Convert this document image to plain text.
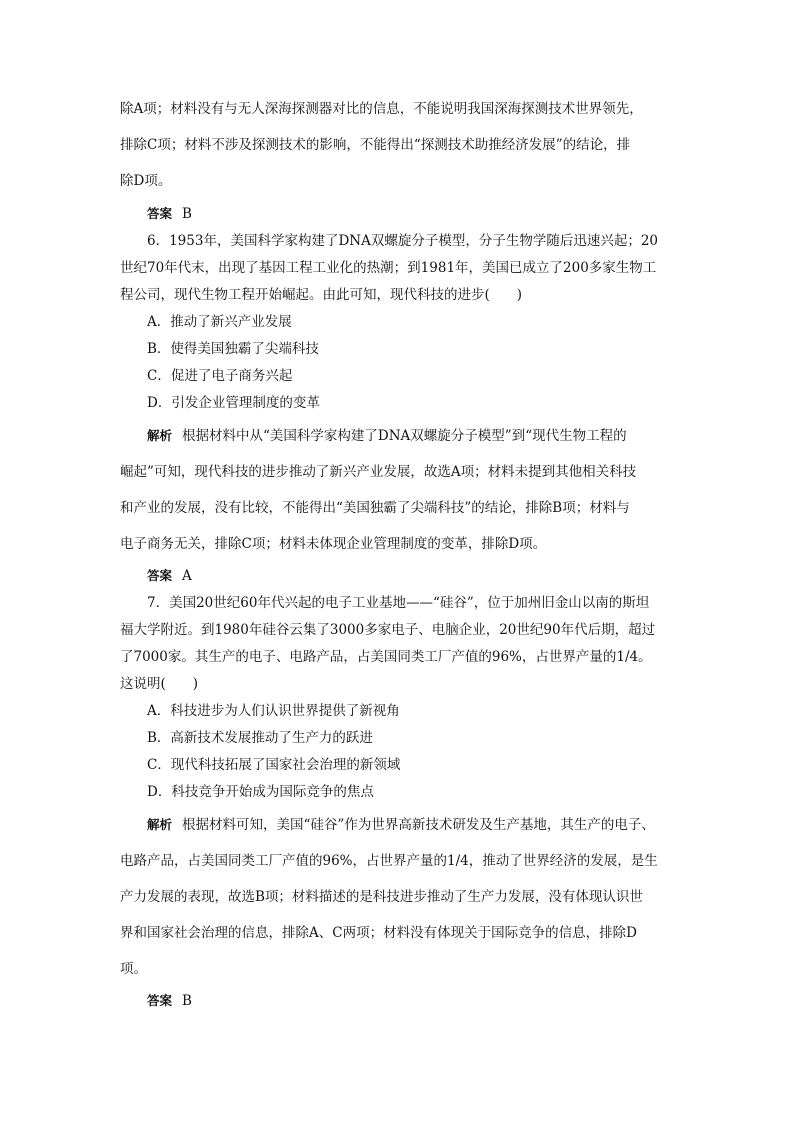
除A项；材料没有与无人深海探测器对比的信息，不能说明我国深海探测技术世界领先，
排除C项；材料不涉及探测技术的影响，不能得出“探测技术助推经济发展”的结论，排
除D项。
答案 B
6．1953年，美国科学家构建了DNA双螺旋分子模型，分子生物学随后迅速兴起；20
世纪70年代末，出现了基因工程工业化的热潮；到1981年，美国已成立了200多家生物工
程公司，现代生物工程开始崛起。由此可知，现代科技的进步(　　)
A．推动了新兴产业发展
B．使得美国独霸了尖端科技
C．促进了电子商务兴起
D．引发企业管理制度的变革
解析 根据材料中从“美国科学家构建了DNA双螺旋分子模型”到“现代生物工程的
崛起”可知，现代科技的进步推动了新兴产业发展，故选A项；材料未提到其他相关科技
和产业的发展，没有比较，不能得出“美国独霸了尖端科技”的结论，排除B项；材料与
电子商务无关，排除C项；材料未体现企业管理制度的变革，排除D项。
答案 A
7．美国20世纪60年代兴起的电子工业基地——“硅谷”，位于加州旧金山以南的斯坦
福大学附近。到1980年硅谷云集了3000多家电子、电脑企业，20世纪90年代后期，超过
了7000家。其生产的电子、电路产品，占美国同类工厂产值的96%，占世界产量的1/4。
这说明(　　)
A．科技进步为人们认识世界提供了新视角
B．高新技术发展推动了生产力的跃进
C．现代科技拓展了国家社会治理的新领域
D．科技竞争开始成为国际竞争的焦点
解析 根据材料可知，美国“硅谷”作为世界高新技术研发及生产基地，其生产的电子、
电路产品，占美国同类工厂产值的96%，占世界产量的1/4，推动了世界经济的发展，是生
产力发展的表现，故选B项；材料描述的是科技进步推动了生产力发展，没有体现认识世
界和国家社会治理的信息，排除A、C两项；材料没有体现关于国际竞争的信息，排除D
项。
答案 B
